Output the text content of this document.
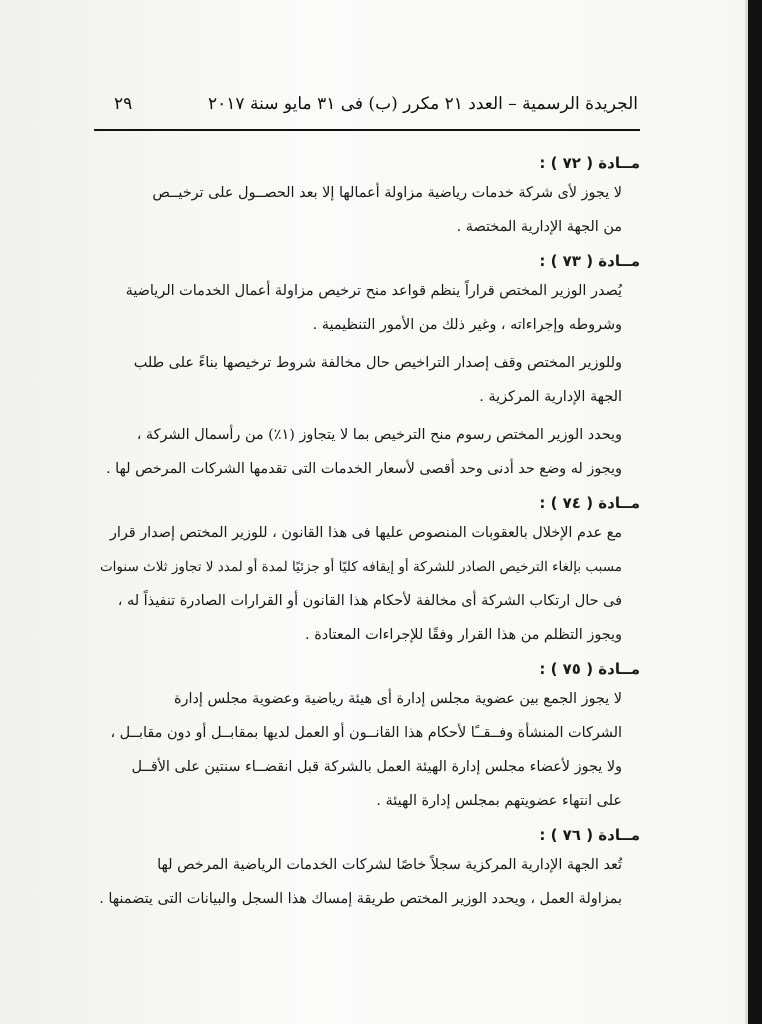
الجريدة الرسمية – العدد ٢١ مكرر (ب) فى ٣١ مايو سنة ٢٠١٧
٢٩
مــادة ( ٧٢ ) :
لا يجوز لأى شركة خدمات رياضية مزاولة أعمالها إلا بعد الحصــول على ترخيــص
من الجهة الإدارية المختصة .
مــادة ( ٧٣ ) :
يُصدر الوزير المختص قراراً ينظم قواعد منح ترخيص مزاولة أعمال الخدمات الرياضية
وشروطه وإجراءاته ، وغير ذلك من الأمور التنظيمية .
وللوزير المختص وقف إصدار التراخيص حال مخالفة شروط ترخيصها بناءً على طلب
الجهة الإدارية المركزية .
ويحدد الوزير المختص رسوم منح الترخيص بما لا يتجاوز (١٪) من رأسمال الشركة ،
ويجوز له وضع حد أدنى وحد أقصى لأسعار الخدمات التى تقدمها الشركات المرخص لها .
مــادة ( ٧٤ ) :
مع عدم الإخلال بالعقوبات المنصوص عليها فى هذا القانون ، للوزير المختص إصدار قرار
مسبب بإلغاء الترخيص الصادر للشركة أو إيقافه كليًا أو جزئيًا لمدة أو لمدد لا تجاوز ثلاث سنوات
فى حال ارتكاب الشركة أى مخالفة لأحكام هذا القانون أو القرارات الصادرة تنفيذاً له ،
ويجوز التظلم من هذا القرار وفقًا للإجراءات المعتادة .
مــادة ( ٧٥ ) :
لا يجوز الجمع بين عضوية مجلس إدارة أى هيئة رياضية وعضوية مجلس إدارة
الشركات المنشأة وفــقــًا لأحكام هذا القانــون أو العمل لديها بمقابــل أو دون مقابــل ،
ولا يجوز لأعضاء مجلس إدارة الهيئة العمل بالشركة قبل انقضــاء سنتين على الأقــل
على انتهاء عضويتهم بمجلس إدارة الهيئة .
مــادة ( ٧٦ ) :
تُعد الجهة الإدارية المركزية سجلاً خاصًا لشركات الخدمات الرياضية المرخص لها
بمزاولة العمل ، ويحدد الوزير المختص طريقة إمساك هذا السجل والبيانات التى يتضمنها .
